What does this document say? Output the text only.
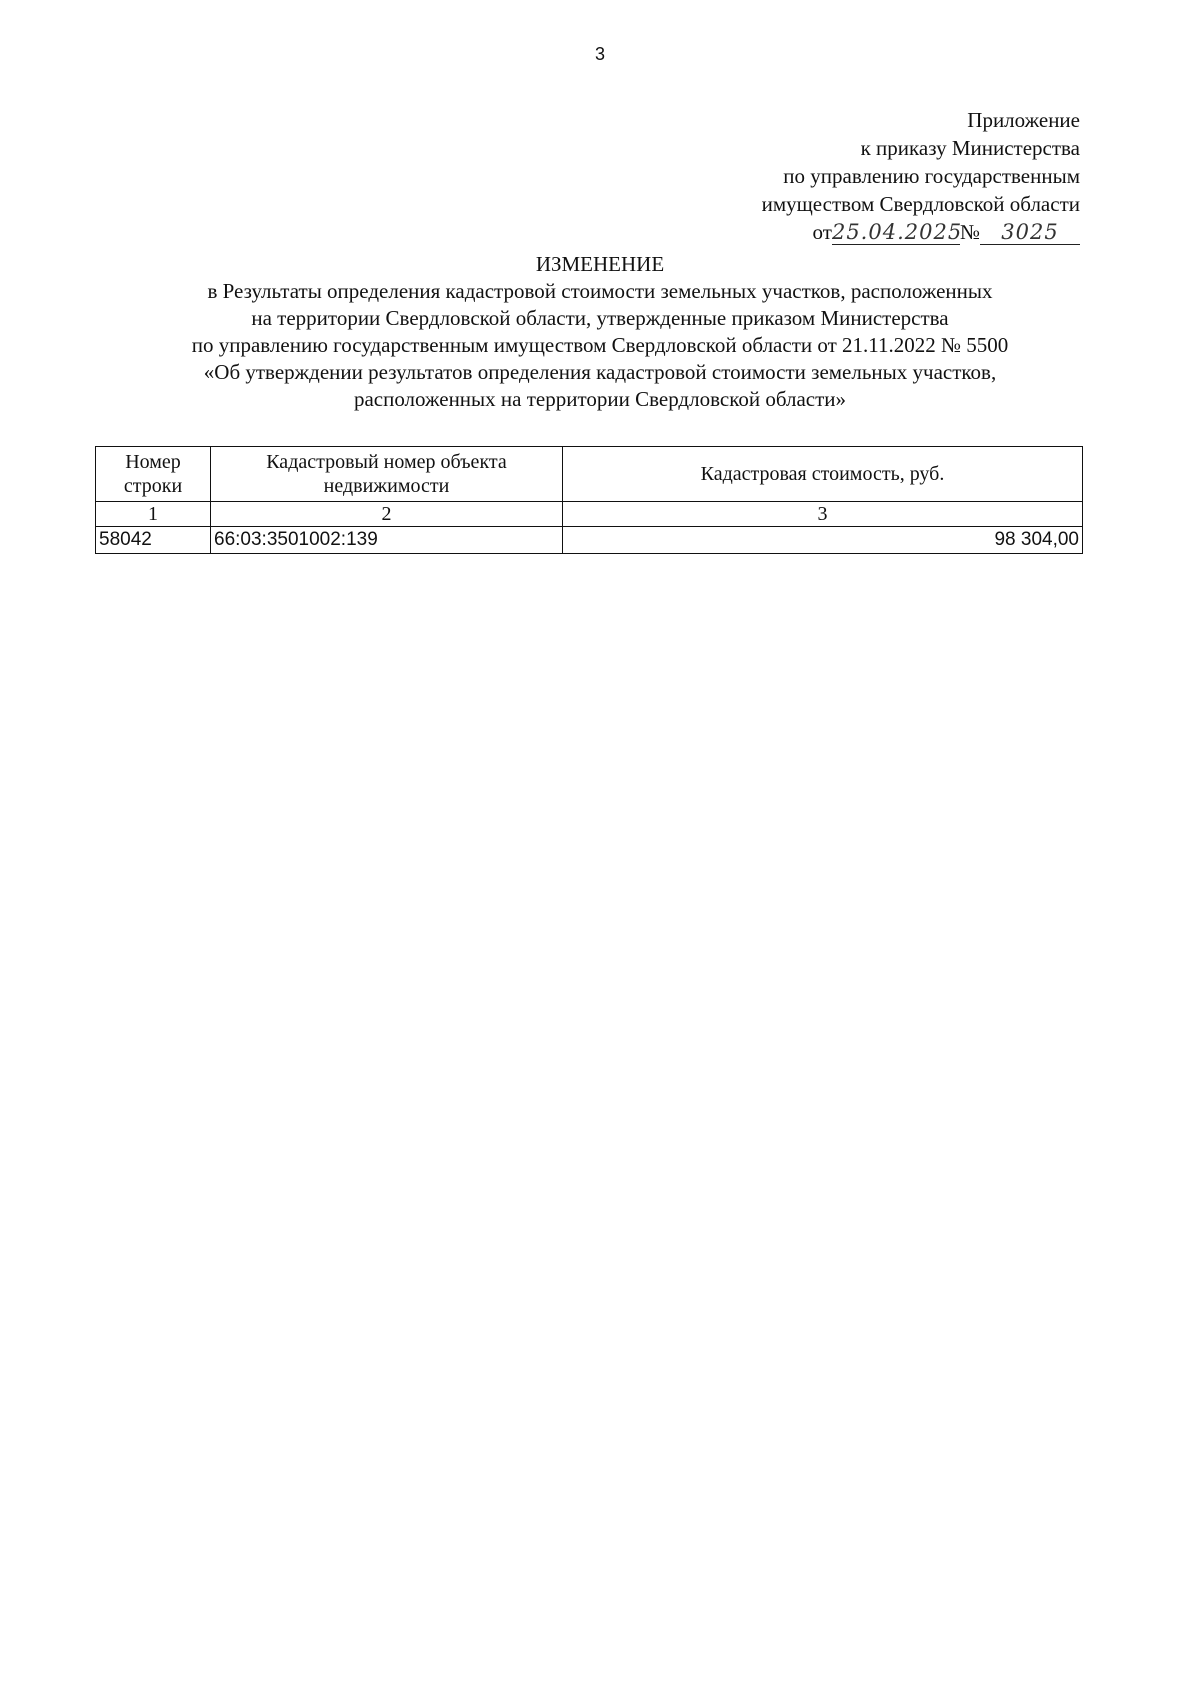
3
Приложение
к приказу Министерства
по управлению государственным
имуществом Свердловской области
от25.04.2025№ 3025
ИЗМЕНЕНИЕ
в Результаты определения кадастровой стоимости земельных участков, расположенных
на территории Свердловской области, утвержденные приказом Министерства
по управлению государственным имуществом Свердловской области от 21.11.2022 № 5500
«Об утверждении результатов определения кадастровой стоимости земельных участков,
расположенных на территории Свердловской области»
Номер строки	Кадастровый номер объекта недвижимости	Кадастровая стоимость, руб.
1	2	3
58042	66:03:3501002:139	98 304,00
